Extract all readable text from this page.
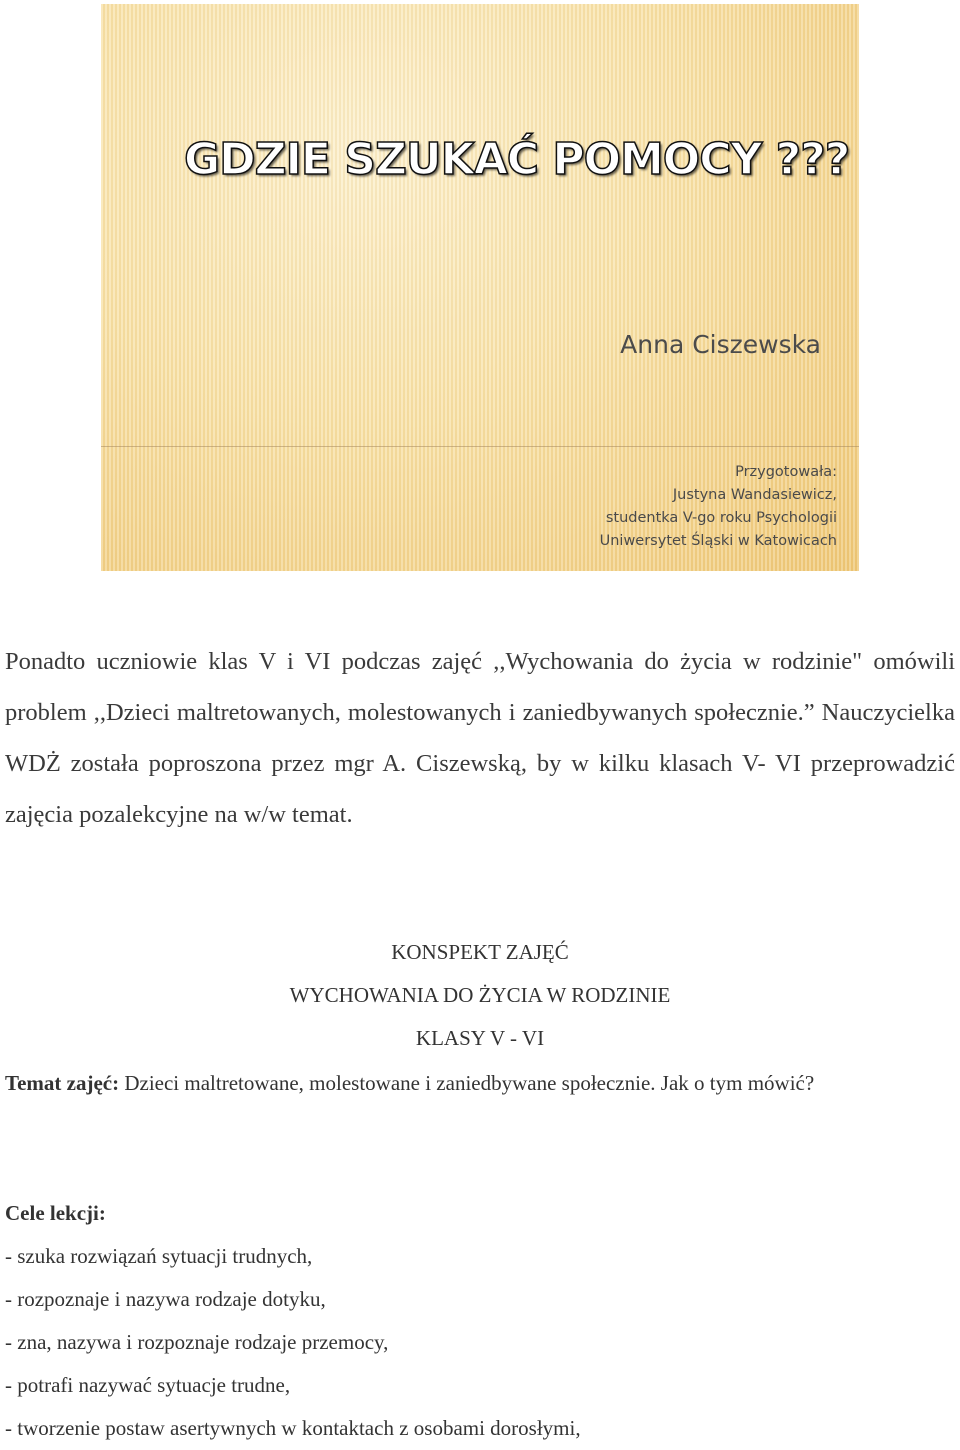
GDZIE SZUKAĆ POMOCY ???
Anna Ciszewska
Przygotowała:
Justyna Wandasiewicz,
studentka V-go roku Psychologii
Uniwersytet Śląski w Katowicach

Ponadto uczniowie klas V i VI podczas zajęć ,,Wychowania do życia w rodzinie" omówili problem ,,Dzieci maltretowanych, molestowanych i zaniedbywanych społecznie.” Nauczycielka WDŻ została poproszona przez mgr A. Ciszewską, by w kilku klasach V- VI przeprowadzić zajęcia pozalekcyjne na w/w temat.

KONSPEKT ZAJĘĆ
WYCHOWANIA DO ŻYCIA W RODZINIE
KLASY V - VI

Temat zajęć: Dzieci maltretowane, molestowane i zaniedbywane społecznie. Jak o tym mówić?

Cele lekcji:
- szuka rozwiązań sytuacji trudnych,
- rozpoznaje i nazywa rodzaje dotyku,
- zna, nazywa i rozpoznaje rodzaje przemocy,
- potrafi nazywać sytuacje trudne,
- tworzenie postaw asertywnych w kontaktach z osobami dorosłymi,
